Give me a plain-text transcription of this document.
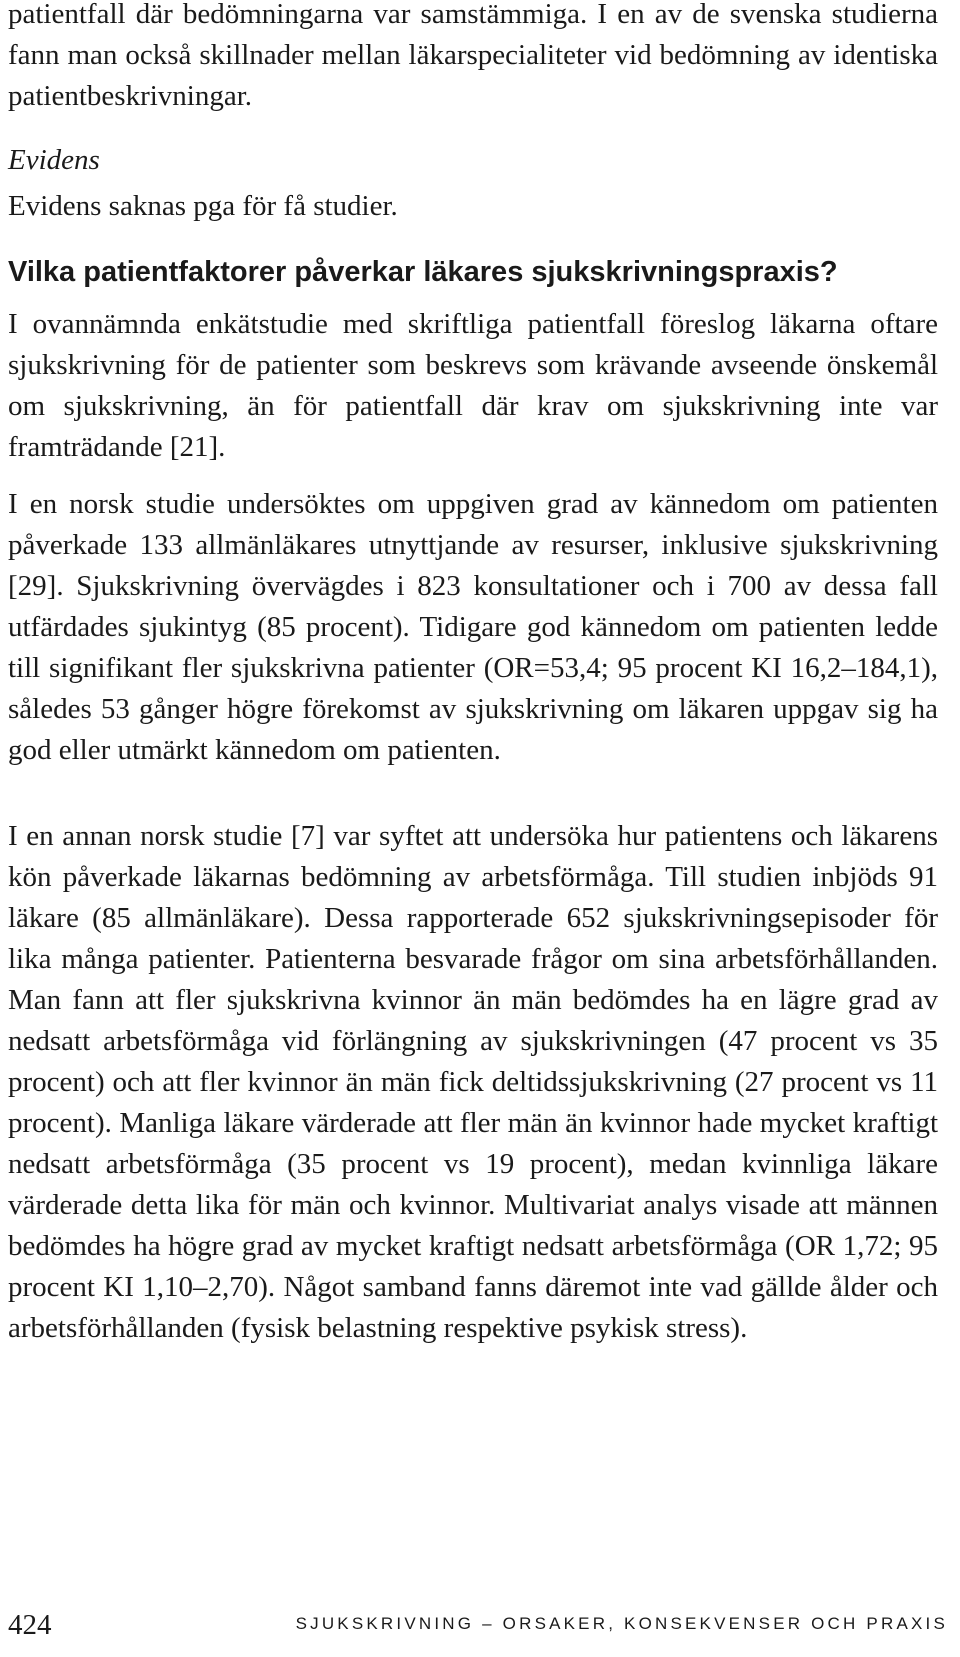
patientfall där bedömningarna var samstämmiga. I en av de svenska studierna fann man också skillnader mellan läkarspecialiteter vid bedömning av identiska patientbeskrivningar.

Evidens

Evidens saknas pga för få studier.

Vilka patientfaktorer påverkar läkares sjukskrivningspraxis?

I ovannämnda enkätstudie med skriftliga patientfall föreslog läkarna oftare sjukskrivning för de patienter som beskrevs som krävande avseende önskemål om sjukskrivning, än för patientfall där krav om sjukskrivning inte var framträdande [21].

I en norsk studie undersöktes om uppgiven grad av kännedom om patienten påverkade 133 allmänläkares utnyttjande av resurser, inklusive sjukskrivning [29]. Sjukskrivning övervägdes i 823 konsultationer och i 700 av dessa fall utfärdades sjukintyg (85 procent). Tidigare god kännedom om patienten ledde till signifikant fler sjukskrivna patienter (OR=53,4; 95 procent KI 16,2–184,1), således 53 gånger högre förekomst av sjukskrivning om läkaren uppgav sig ha god eller utmärkt kännedom om patienten.

I en annan norsk studie [7] var syftet att undersöka hur patientens och läkarens kön påverkade läkarnas bedömning av arbetsförmåga. Till studien inbjöds 91 läkare (85 allmänläkare). Dessa rapporterade 652 sjukskrivningsepisoder för lika många patienter. Patienterna besvarade frågor om sina arbetsförhållanden. Man fann att fler sjukskrivna kvinnor än män bedömdes ha en lägre grad av nedsatt arbetsförmåga vid förlängning av sjukskrivningen (47 procent vs 35 procent) och att fler kvinnor än män fick deltidssjukskrivning (27 procent vs 11 procent). Manliga läkare värderade att fler män än kvinnor hade mycket kraftigt nedsatt arbetsförmåga (35 procent vs 19 procent), medan kvinnliga läkare värderade detta lika för män och kvinnor. Multivariat analys visade att männen bedömdes ha högre grad av mycket kraftigt nedsatt arbetsförmåga (OR 1,72; 95 procent KI 1,10–2,70). Något samband fanns däremot inte vad gällde ålder och arbetsförhållanden (fysisk belastning respektive psykisk stress).

424	SJUKSKRIVNING – ORSAKER, KONSEKVENSER OCH PRAXIS
